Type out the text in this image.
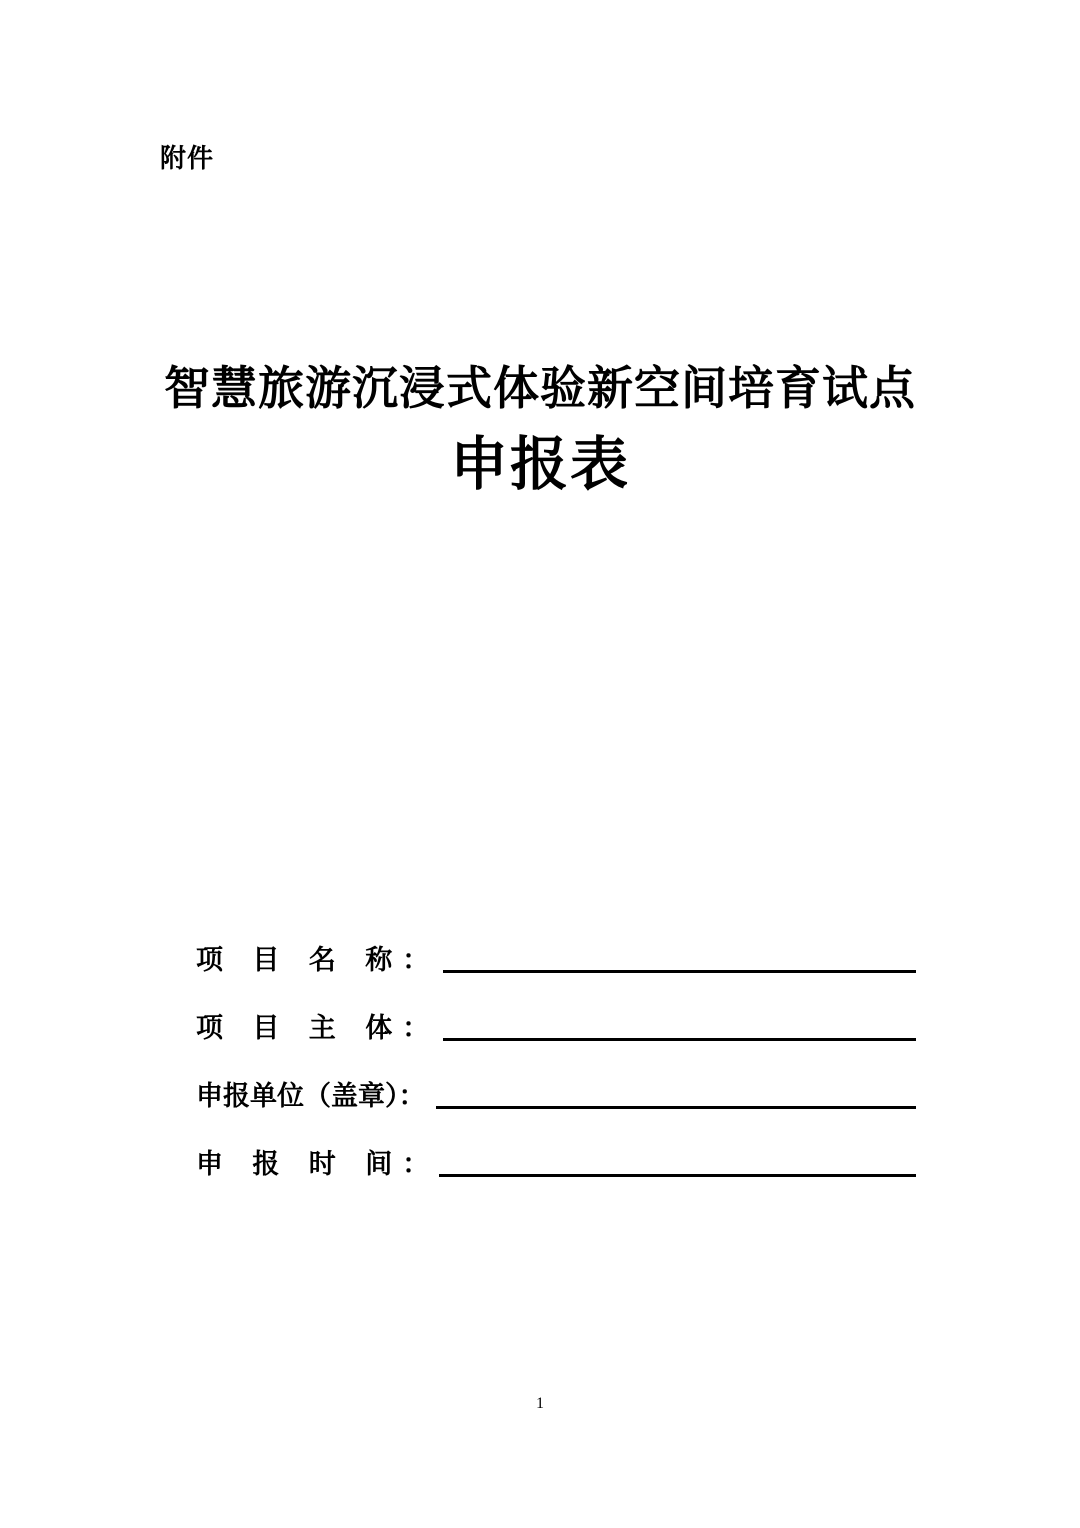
附件
智慧旅游沉浸式体验新空间培育试点
申报表
项 目 名 称：
项 目 主 体：
申报单位（盖章）：
申 报 时 间：
1
